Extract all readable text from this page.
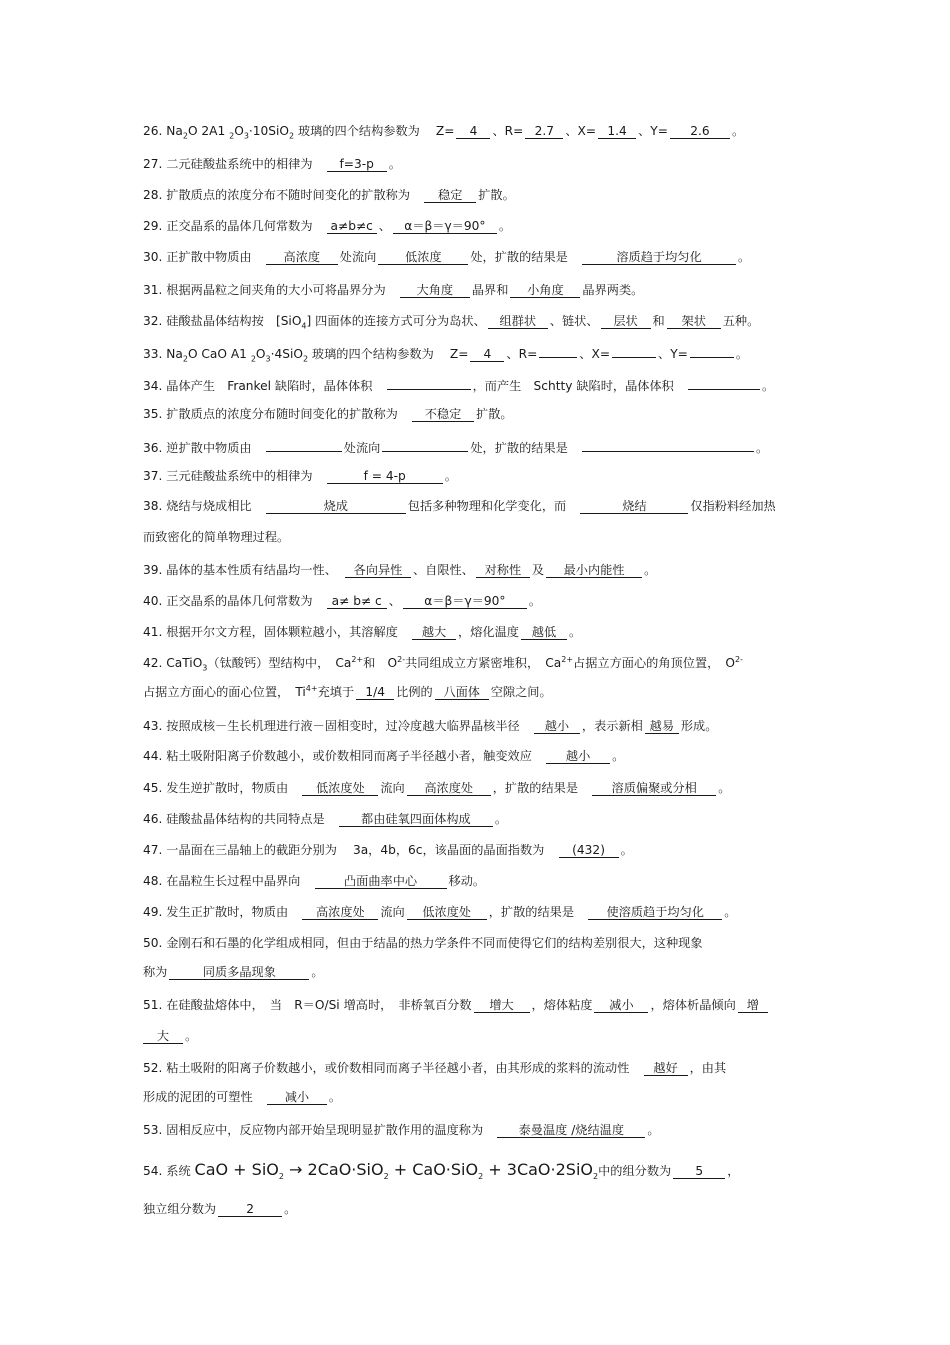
26. $Na_2O$ 2A1 $_2O_3\cdot 10SiO_2$ 玻璃的四个结构参数为　 Z= 4 、R= 2.7 、X= 1.4 、Y= 2.6 。
27. 二元硅酸盐系统中的相律为　f=3-p 。
28. 扩散质点的浓度分布不随时间变化的扩散称为　稳定 扩散。
29. 正交晶系的晶体几何常数为　a≠b≠c 、 α＝β＝γ＝90° 。
30. 正扩散中物质由　高浓度 处流向 低浓度 处，扩散的结果是　	溶质趋于均匀化	。
31. 根据两晶粒之间夹角的大小可将晶界分为　大角度 晶界和 小角度 晶界两类。
32. 硅酸盐晶体结构按　[SiO$_4$] 四面体的连接方式可分为岛状、 组群状 、链状、 层状 和 架状 五种。
33. $Na_2O$ CaO A1 $_2O_3\cdot 4SiO_2$ 玻璃的四个结构参数为　 Z= 4 、R=	、X=	、Y=	。
34. 晶体产生　Frankel 缺陷时，晶体体积　	，而产生　Schtty 缺陷时，晶体体积　	。
35. 扩散质点的浓度分布随时间变化的扩散称为　不稳定 扩散。
36. 逆扩散中物质由　	处流向	处，扩散的结果是　	。
37. 三元硅酸盐系统中的相律为　	f = 4-p	。
38. 烧结与烧成相比　	烧成	包括多种物理和化学变化，而　	烧结	仅指粉料经加热
而致密化的简单物理过程。
39. 晶体的基本性质有结晶均一性、　各向异性 、自限性、 对称性 及 最小内能性 。
40. 正交晶系的晶体几何常数为　a≠ b≠ c 、 α＝β＝γ＝90° 。
41. 根据开尔文方程，固体颗粒越小，其溶解度　越大 ，熔化温度 越低 。
42. CaTiO$_3$（钛酸钙）型结构中，　$Ca^{2+}$和　$O^{2-}$共同组成立方紧密堆积，　$Ca^{2+}$占据立方面心的角顶位置，　$O^{2-}$
占据立方面心的面心位置，　$Ti^{4+}$充填于 1/4 比例的 八面体 空隙之间。
43. 按照成核－生长机理进行液－固相变时，过冷度越大临界晶核半径　越小 ，表示新相 越易 形成。
44. 粘土吸附阳离子价数越小，或价数相同而离子半径越小者，触变效应　越小 。
45. 发生逆扩散时，物质由　低浓度处 流向 高浓度处 ，扩散的结果是　溶质偏聚或分相 。
46. 硅酸盐晶体结构的共同特点是　都由硅氧四面体构成 。
47. 一晶面在三晶轴上的截距分别为　 3a，4b，6c，该晶面的晶面指数为　(432) 。
48. 在晶粒生长过程中晶界向　	凸面曲率中心	移动。
49. 发生正扩散时，物质由　高浓度处 流向 低浓度处 ，扩散的结果是　使溶质趋于均匀化 。
50. 金刚石和石墨的化学组成相同，但由于结晶的热力学条件不同而使得它们的结构差别很大，这种现象
称为	同质多晶现象	。
51. 在硅酸盐熔体中，　当　R＝O/Si 增高时，　非桥氧百分数 增大 ，熔体粘度 减小 ，熔体析晶倾向 增
大 。
52. 粘土吸附的阳离子价数越小，或价数相同而离子半径越小者，由其形成的浆料的流动性　越好 ，由其
形成的泥团的可塑性　减小 。
53. 固相反应中，反应物内部开始呈现明显扩散作用的温度称为　泰曼温度 /烧结温度 。
54. 系统 CaO + SiO$_2$ → 2CaO·SiO$_2$ + CaO·SiO$_2$ + 3CaO·2SiO$_2$中的组分数为 5 ，
独立组分数为 2 。
